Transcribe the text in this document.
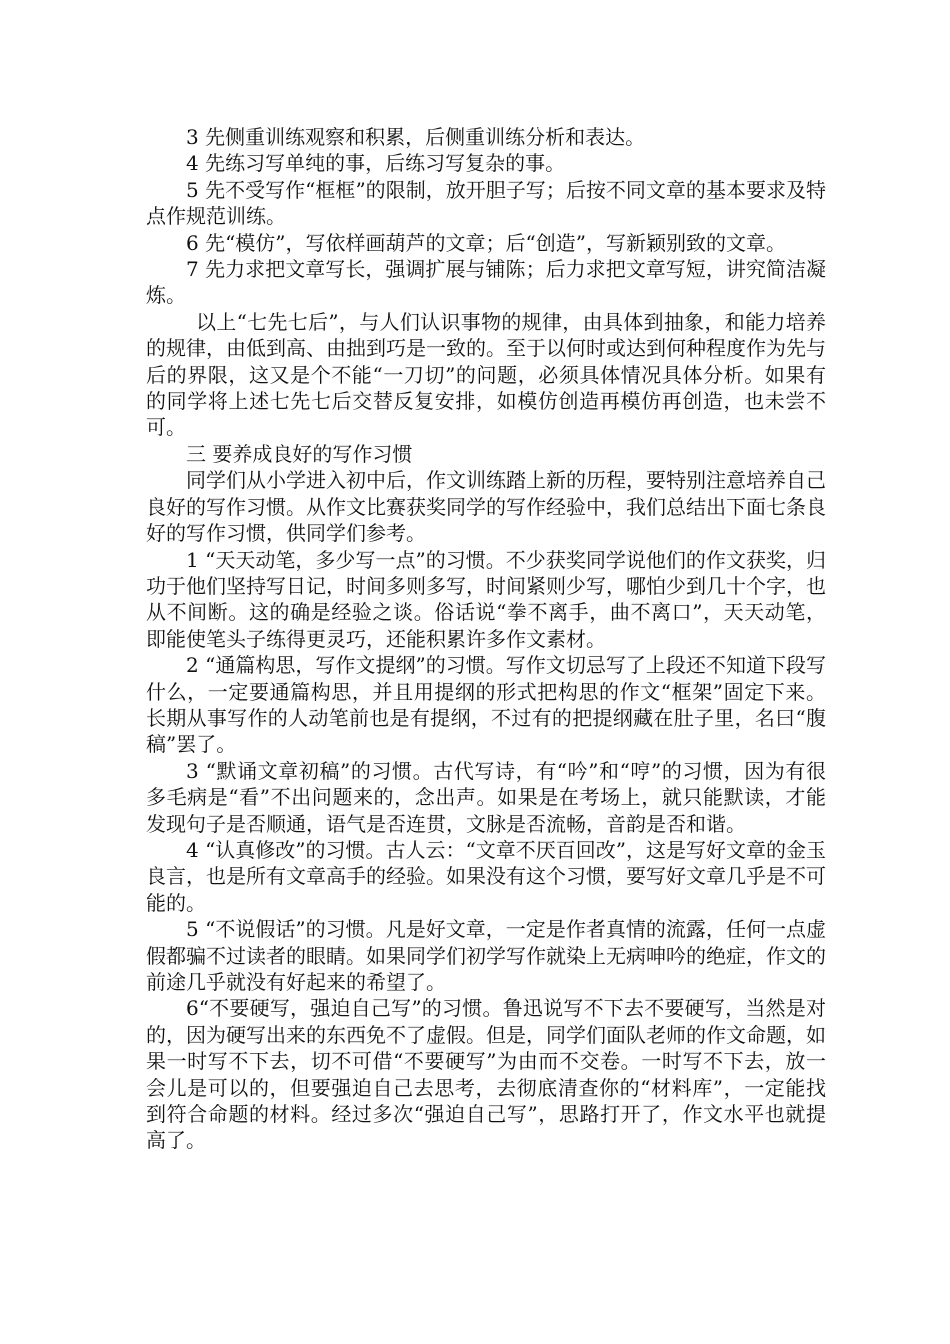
3 先侧重训练观察和积累，后侧重训练分析和表达。

4 先练习写单纯的事，后练习写复杂的事。

5 先不受写作“框框”的限制，放开胆子写；后按不同文章的基本要求及特点作规范训练。

6 先“模仿”，写依样画葫芦的文章；后“创造”，写新颖别致的文章。

7 先力求把文章写长，强调扩展与铺陈；后力求把文章写短，讲究简洁凝炼。

以上“七先七后”，与人们认识事物的规律，由具体到抽象，和能力培养的规律，由低到高、由拙到巧是一致的。至于以何时或达到何种程度作为先与后的界限，这又是个不能“一刀切”的问题，必须具体情况具体分析。如果有的同学将上述七先七后交替反复安排，如模仿创造再模仿再创造，也未尝不可。

三 要养成良好的写作习惯

同学们从小学进入初中后，作文训练踏上新的历程，要特别注意培养自己良好的写作习惯。从作文比赛获奖同学的写作经验中，我们总结出下面七条良好的写作习惯，供同学们参考。

1 “天天动笔，多少写一点”的习惯。不少获奖同学说他们的作文获奖，归功于他们坚持写日记，时间多则多写，时间紧则少写，哪怕少到几十个字，也从不间断。这的确是经验之谈。俗话说“拳不离手，曲不离口”，天天动笔，即能使笔头子练得更灵巧，还能积累许多作文素材。

2 “通篇构思，写作文提纲”的习惯。写作文切忌写了上段还不知道下段写什么，一定要通篇构思，并且用提纲的形式把构思的作文“框架”固定下来。长期从事写作的人动笔前也是有提纲，不过有的把提纲藏在肚子里，名曰“腹稿”罢了。

3 “默诵文章初稿”的习惯。古代写诗，有“吟”和“哼”的习惯，因为有很多毛病是“看”不出问题来的，念出声。如果是在考场上，就只能默读，才能发现句子是否顺通，语气是否连贯，文脉是否流畅，音韵是否和谐。

4 “认真修改”的习惯。古人云：“文章不厌百回改”，这是写好文章的金玉良言，也是所有文章高手的经验。如果没有这个习惯，要写好文章几乎是不可能的。

5 “不说假话”的习惯。凡是好文章，一定是作者真情的流露，任何一点虚假都骗不过读者的眼睛。如果同学们初学写作就染上无病呻吟的绝症，作文的前途几乎就没有好起来的希望了。

6“不要硬写，强迫自己写”的习惯。鲁迅说写不下去不要硬写，当然是对的，因为硬写出来的东西免不了虚假。但是，同学们面队老师的作文命题，如果一时写不下去，切不可借“不要硬写”为由而不交卷。一时写不下去，放一会儿是可以的，但要强迫自己去思考，去彻底清查你的“材料库”，一定能找到符合命题的材料。经过多次“强迫自己写”，思路打开了，作文水平也就提高了。
